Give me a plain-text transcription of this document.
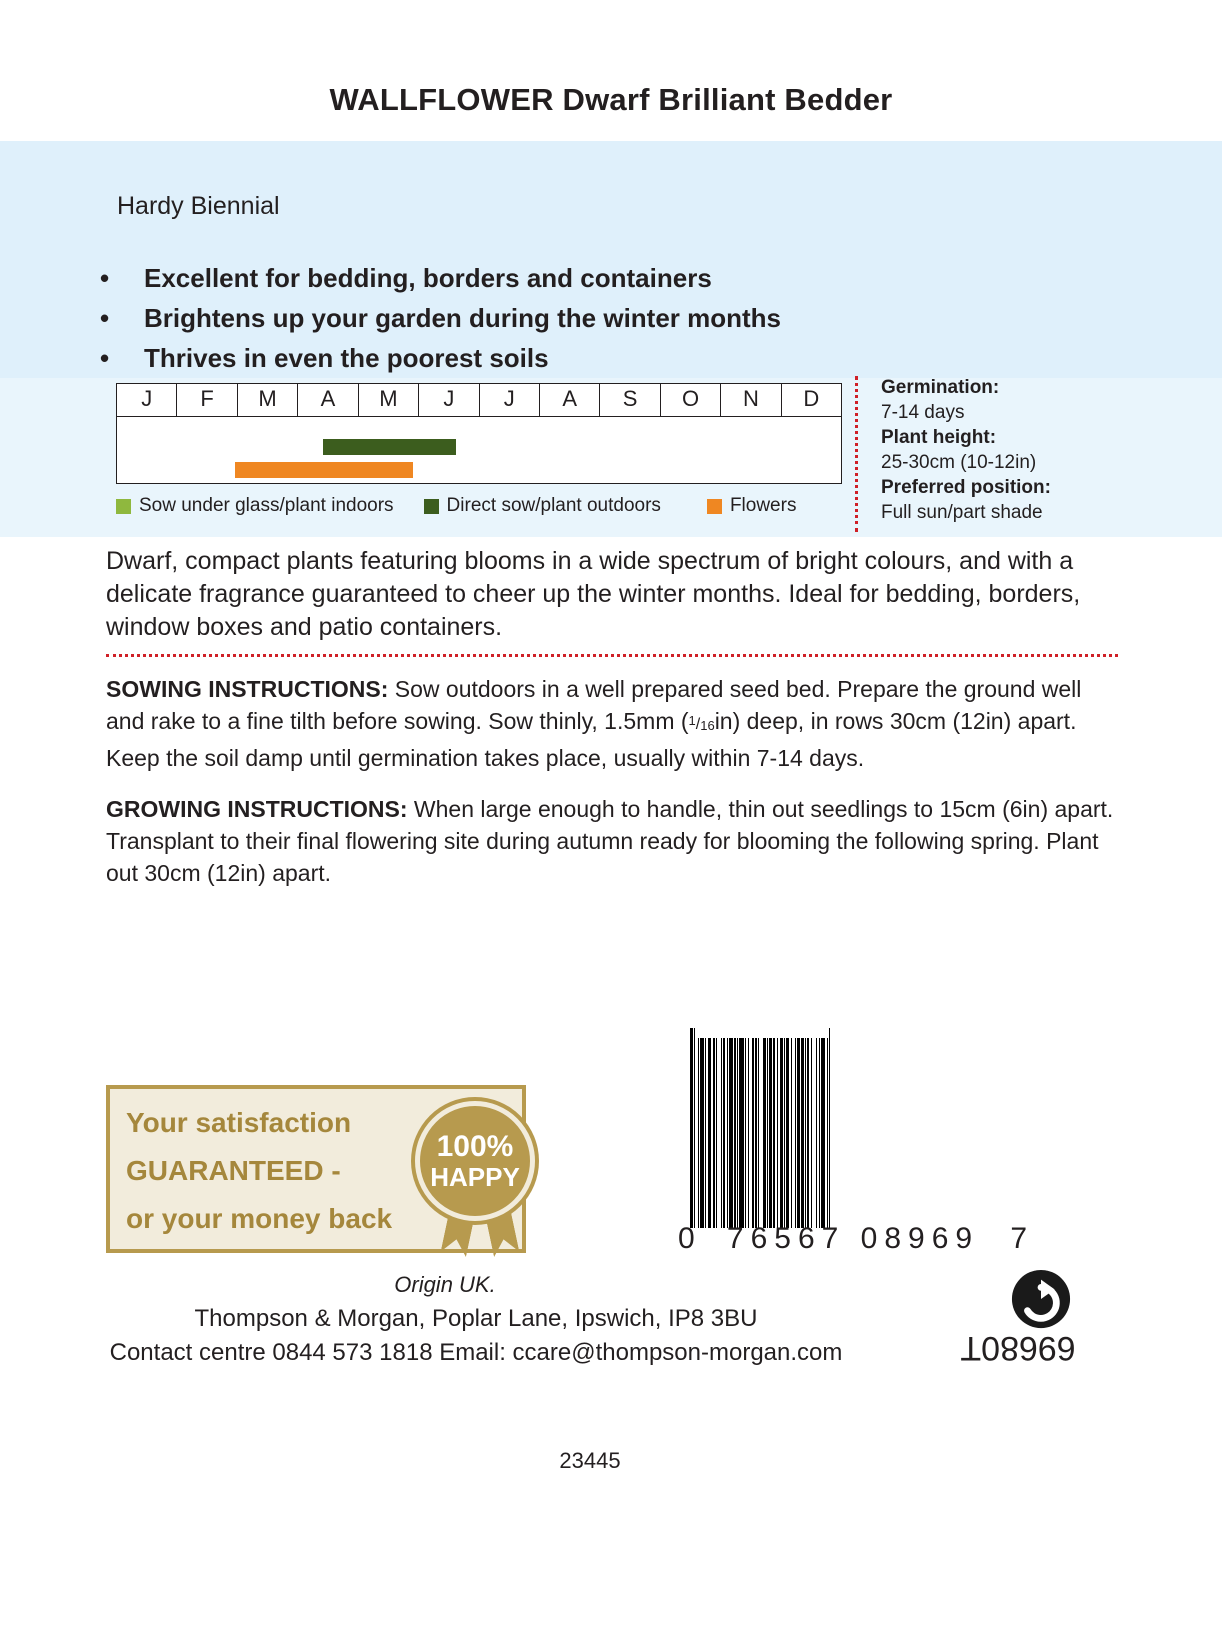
WALLFLOWER Dwarf Brilliant Bedder
Hardy Biennial
•	Excellent for bedding, borders and containers
•	Brightens up your garden during the winter months
•	Thrives in even the poorest soils
J	F	M	A	M	J	J	A	S	O	N	D
Sow under glass/plant indoors	Direct sow/plant outdoors	Flowers
Germination:
7-14 days
Plant height:
25-30cm (10-12in)
Preferred position:
Full sun/part shade
Dwarf, compact plants featuring blooms in a wide spectrum of bright colours, and with a delicate fragrance guaranteed to cheer up the winter months. Ideal for bedding, borders, window boxes and patio containers.
SOWING INSTRUCTIONS: Sow outdoors in a well prepared seed bed. Prepare the ground well and rake to a fine tilth before sowing. Sow thinly, 1.5mm $(^1/_{16}in)$ deep, in rows 30cm (12in) apart. Keep the soil damp until germination takes place, usually within 7-14 days.
GROWING INSTRUCTIONS: When large enough to handle, thin out seedlings to 15cm (6in) apart. Transplant to their final flowering site during autumn ready for blooming the following spring. Plant out 30cm (12in) apart.
Your satisfaction
GUARANTEED -
or your money back
100%
HAPPY
0	76567 08969	7
Origin UK.
Thompson & Morgan, Poplar Lane, Ipswich, IP8 3BU
Contact centre 0844 573 1818 Email: ccare@thompson-morgan.com	69680T
23445
